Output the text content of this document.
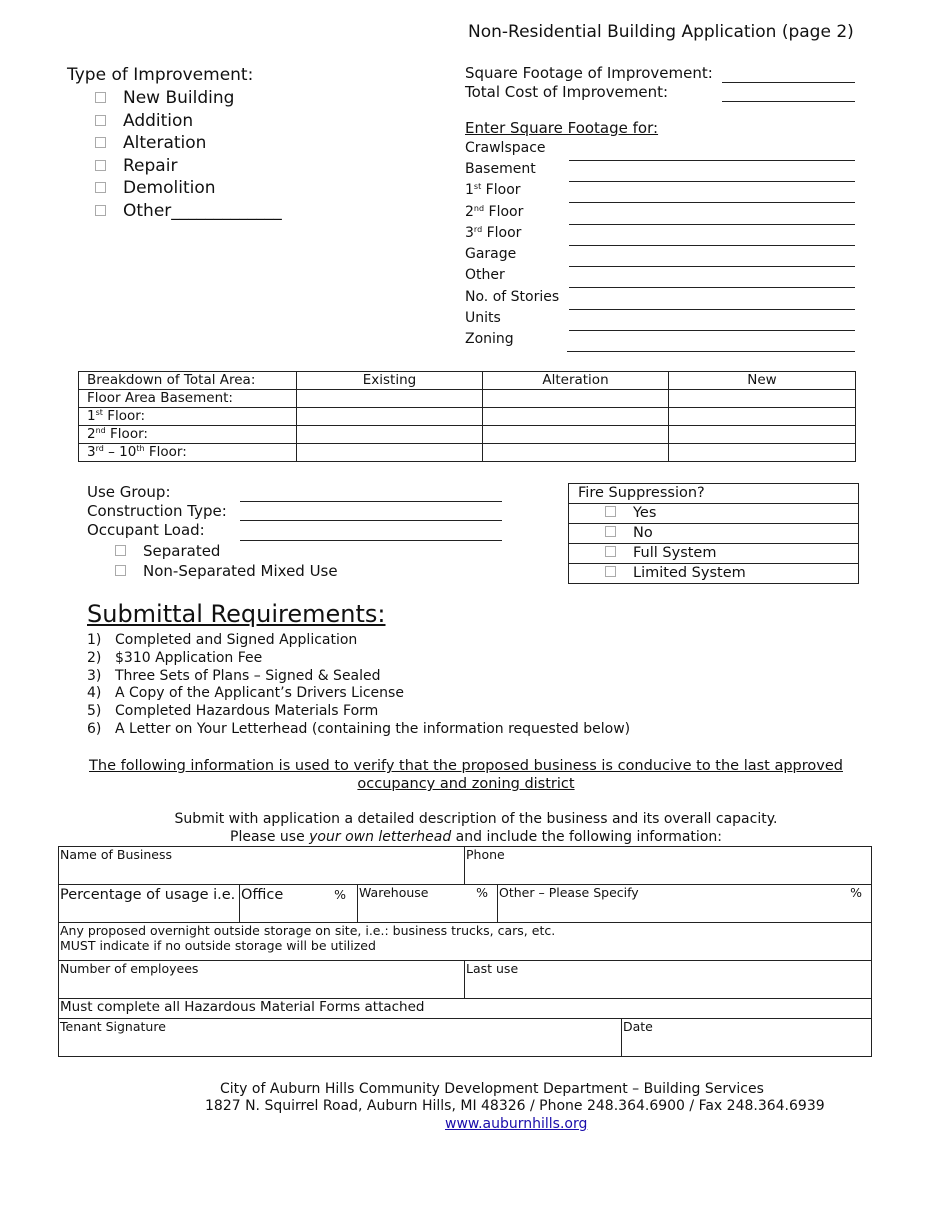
Non-Residential Building Application (page 2)
Type of Improvement:
New Building
Addition
Alteration
Repair
Demolition
Other_____________
Square Footage of Improvement:
Total Cost of Improvement:
Enter Square Footage for:
Crawlspace
Basement
1st Floor
2nd Floor
3rd Floor
Garage
Other
No. of Stories
Units
Zoning
Breakdown of Total Area:	Existing	Alteration	New
Floor Area Basement:			
1st Floor:			
2nd Floor:			
3rd – 10th Floor:			
Use Group:
Construction Type:
Occupant Load:
Separated
Non-Separated Mixed Use
Fire Suppression?
Yes
No
Full System
Limited System
Submittal Requirements:
1) Completed and Signed Application
2) $310 Application Fee
3) Three Sets of Plans – Signed & Sealed
4) A Copy of the Applicant’s Drivers License
5) Completed Hazardous Materials Form
6) A Letter on Your Letterhead (containing the information requested below)
The following information is used to verify that the proposed business is conducive to the last approved
occupancy and zoning district
Submit with application a detailed description of the business and its overall capacity.
Please use your own letterhead and include the following information:
Name of Business			Phone		
Percentage of usage i.e.	Office %	Warehouse %		Other – Please Specify %	

Any proposed overnight outside storage on site, i.e.: business trucks, cars, etc.
MUST indicate if no outside storage will be utilized					

Number of employees			Last use		
Must complete all Hazardous Material Forms attached					
Tenant Signature					Date
City of Auburn Hills Community Development Department – Building Services
1827 N. Squirrel Road, Auburn Hills, MI 48326 / Phone 248.364.6900 / Fax 248.364.6939
www.auburnhills.org
